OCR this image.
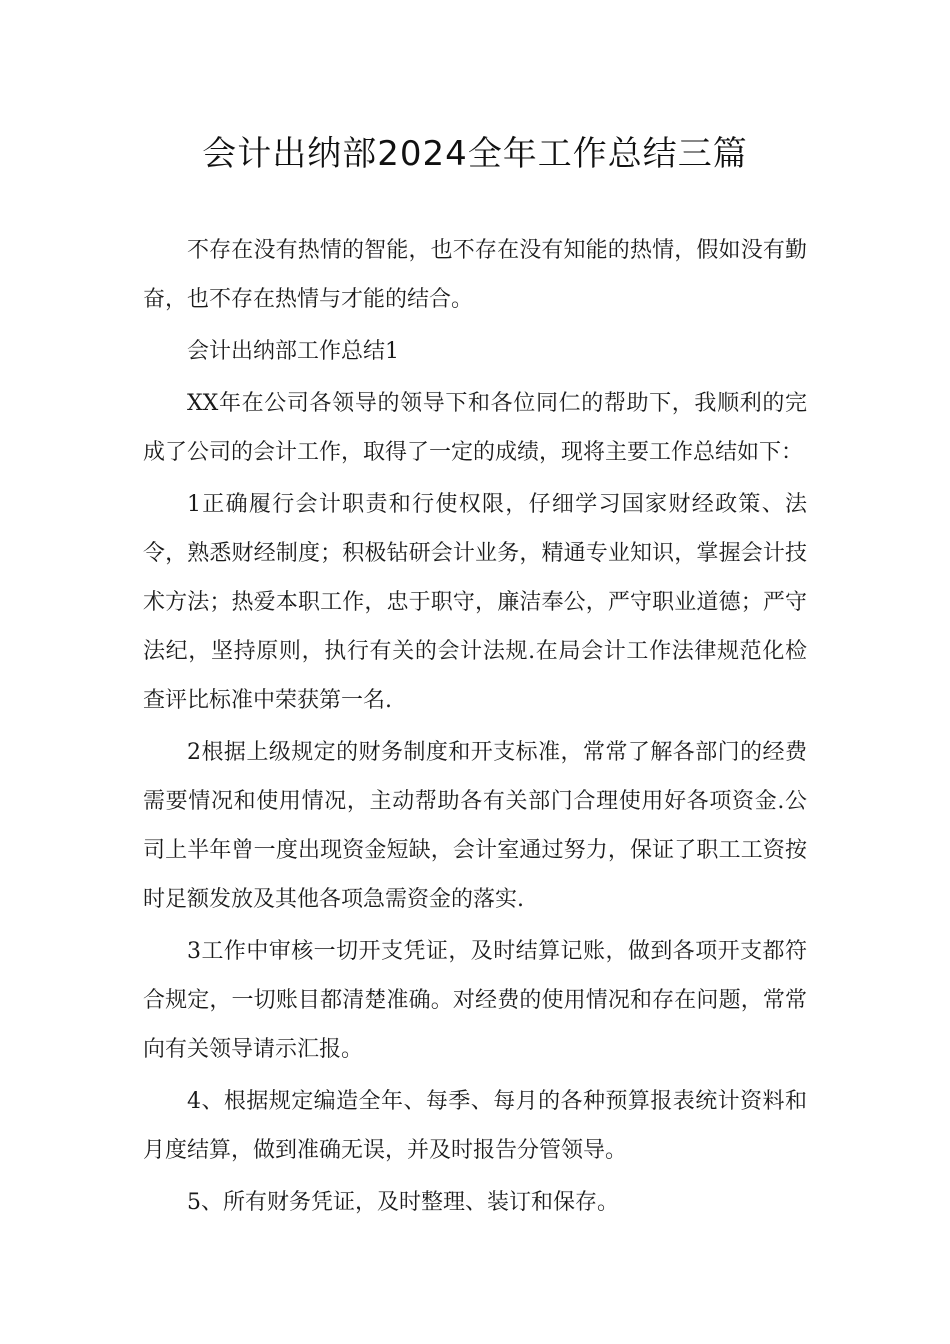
会计出纳部2024全年工作总结三篇

不存在没有热情的智能，也不存在没有知能的热情，假如没有勤奋，也不存在热情与才能的结合。

会计出纳部工作总结1

XX年在公司各领导的领导下和各位同仁的帮助下，我顺利的完成了公司的会计工作，取得了一定的成绩，现将主要工作总结如下：

1正确履行会计职责和行使权限，仔细学习国家财经政策、法令，熟悉财经制度；积极钻研会计业务，精通专业知识，掌握会计技术方法；热爱本职工作，忠于职守，廉洁奉公，严守职业道德；严守法纪，坚持原则，执行有关的会计法规.在局会计工作法律规范化检查评比标准中荣获第一名.

2根据上级规定的财务制度和开支标准，常常了解各部门的经费需要情况和使用情况，主动帮助各有关部门合理使用好各项资金.公司上半年曾一度出现资金短缺，会计室通过努力，保证了职工工资按时足额发放及其他各项急需资金的落实.

3工作中审核一切开支凭证，及时结算记账，做到各项开支都符合规定，一切账目都清楚准确。对经费的使用情况和存在问题，常常向有关领导请示汇报。

4、根据规定编造全年、每季、每月的各种预算报表统计资料和月度结算，做到准确无误，并及时报告分管领导。

5、所有财务凭证，及时整理、装订和保存。
